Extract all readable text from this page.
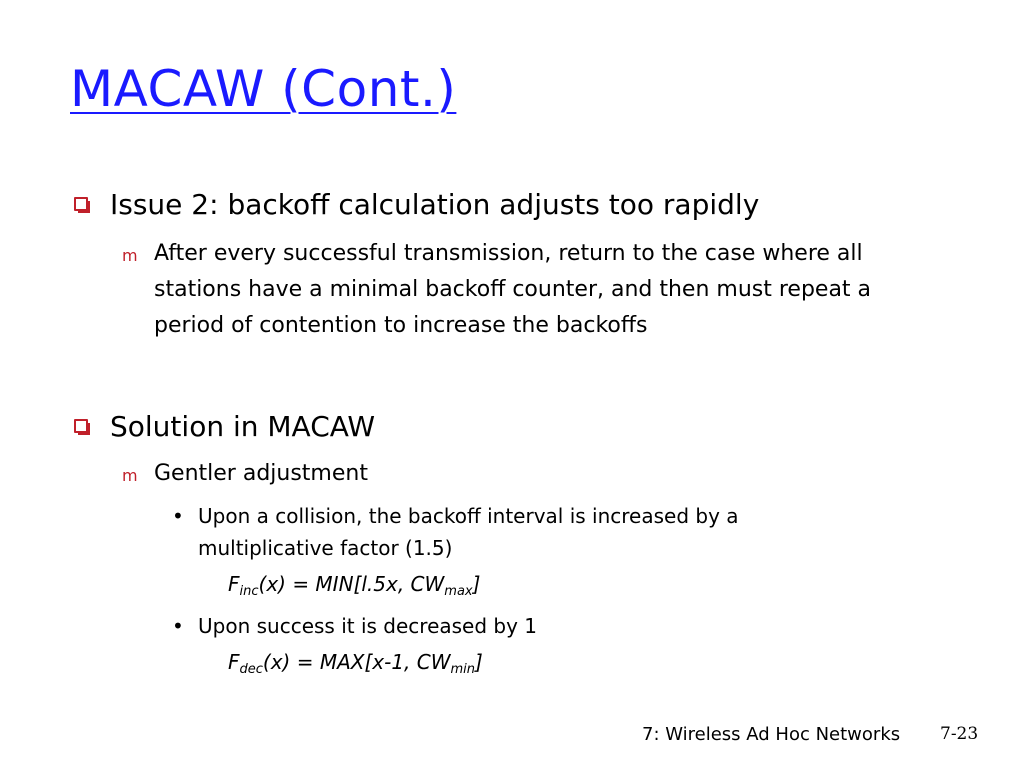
MACAW (Cont.)
Issue 2: backoff calculation adjusts too rapidly
m After every successful transmission, return to the case where all stations have a minimal backoff counter, and then must repeat a period of contention to increase the backoffs
Solution in MACAW
m Gentler adjustment
• Upon a collision, the backoff interval is increased by a multiplicative factor (1.5)
$F_{inc}(x) = MIN[l.5x$, $CW_{max}$]
• Upon success it is decreased by 1
$F_{dec}(x) = MAX[x-1$, $CW_{min}$]
7: Wireless Ad Hoc Networks 7-23
